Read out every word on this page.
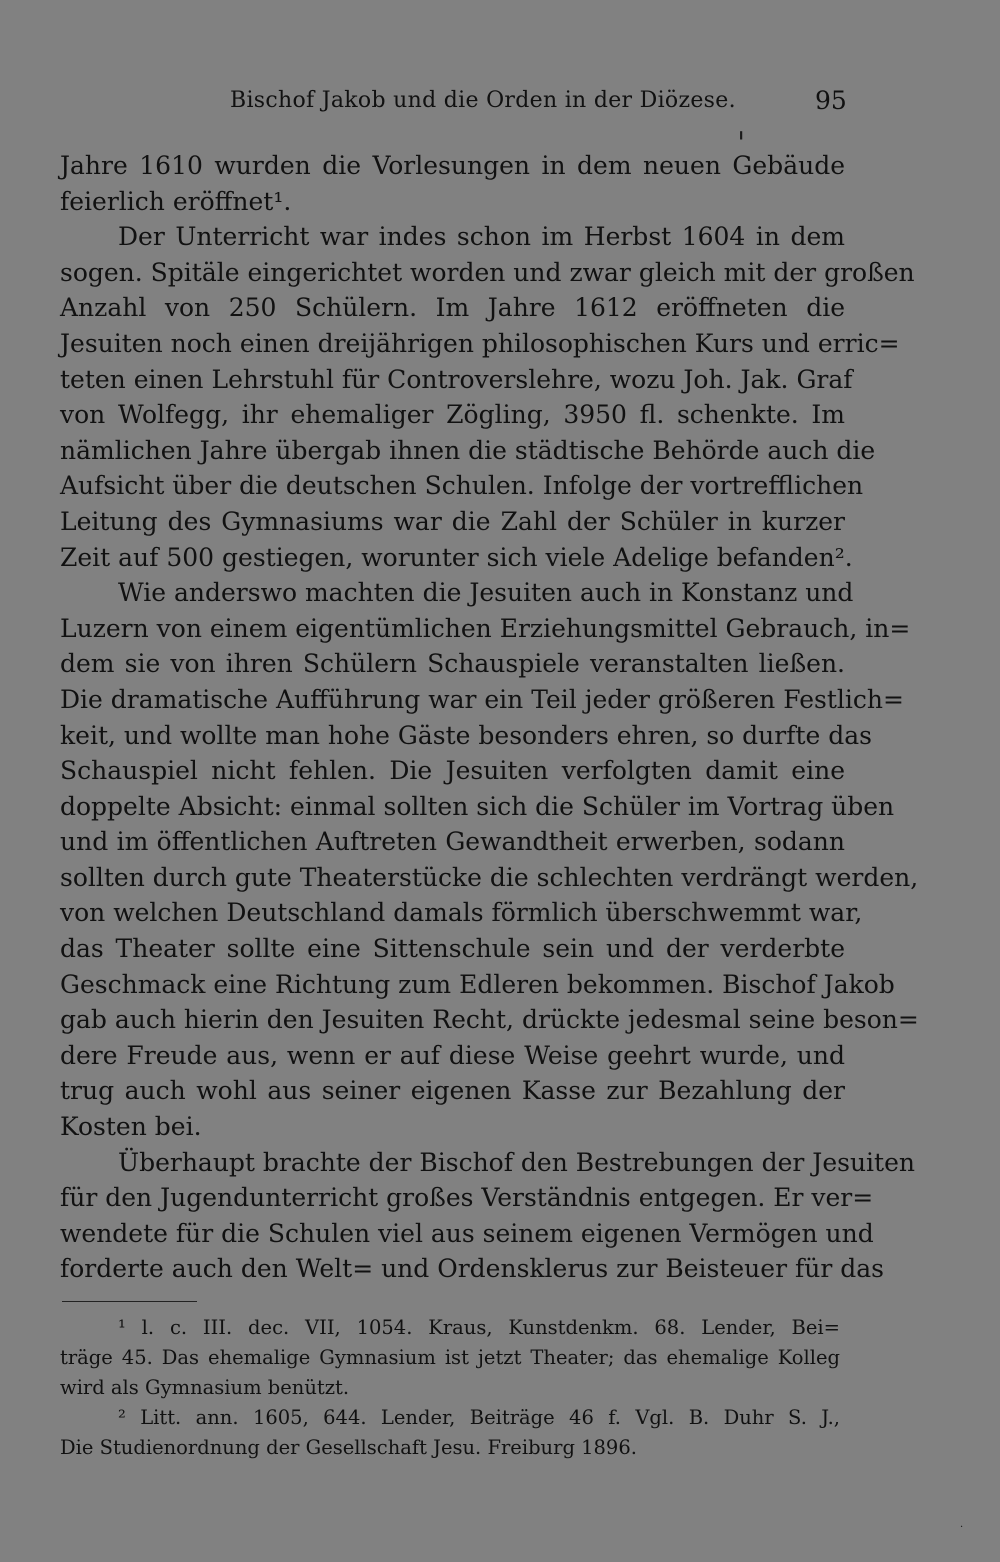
Bischof Jakob und die Orden in der Diözese.	95
╻
Jahre 1610 wurden die Vorlesungen in dem neuen Gebäude
feierlich eröffnet¹.
Der Unterricht war indes schon im Herbst 1604 in dem
sogen. Spitäle eingerichtet worden und zwar gleich mit der großen
Anzahl von 250 Schülern. Im Jahre 1612 eröffneten die
Jesuiten noch einen dreijährigen philosophischen Kurs und erric=
teten einen Lehrstuhl für Controverslehre, wozu Joh. Jak. Graf
von Wolfegg, ihr ehemaliger Zögling, 3950 fl. schenkte. Im
nämlichen Jahre übergab ihnen die städtische Behörde auch die
Aufsicht über die deutschen Schulen. Infolge der vortrefflichen
Leitung des Gymnasiums war die Zahl der Schüler in kurzer
Zeit auf 500 gestiegen, worunter sich viele Adelige befanden².
Wie anderswo machten die Jesuiten auch in Konstanz und
Luzern von einem eigentümlichen Erziehungsmittel Gebrauch, in=
dem sie von ihren Schülern Schauspiele veranstalten ließen.
Die dramatische Aufführung war ein Teil jeder größeren Festlich=
keit, und wollte man hohe Gäste besonders ehren, so durfte das
Schauspiel nicht fehlen. Die Jesuiten verfolgten damit eine
doppelte Absicht: einmal sollten sich die Schüler im Vortrag üben
und im öffentlichen Auftreten Gewandtheit erwerben, sodann
sollten durch gute Theaterstücke die schlechten verdrängt werden,
von welchen Deutschland damals förmlich überschwemmt war,
das Theater sollte eine Sittenschule sein und der verderbte
Geschmack eine Richtung zum Edleren bekommen. Bischof Jakob
gab auch hierin den Jesuiten Recht, drückte jedesmal seine beson=
dere Freude aus, wenn er auf diese Weise geehrt wurde, und
trug auch wohl aus seiner eigenen Kasse zur Bezahlung der
Kosten bei.
Überhaupt brachte der Bischof den Bestrebungen der Jesuiten
für den Jugendunterricht großes Verständnis entgegen. Er ver=
wendete für die Schulen viel aus seinem eigenen Vermögen und
forderte auch den Welt= und Ordensklerus zur Beisteuer für das
¹ l. c. III. dec. VII, 1054. Kraus, Kunstdenkm. 68. Lender, Bei=
träge 45. Das ehemalige Gymnasium ist jetzt Theater; das ehemalige Kolleg
wird als Gymnasium benützt.
² Litt. ann. 1605, 644. Lender, Beiträge 46 f. Vgl. B. Duhr S. J.,
Die Studienordnung der Gesellschaft Jesu. Freiburg 1896.
·
